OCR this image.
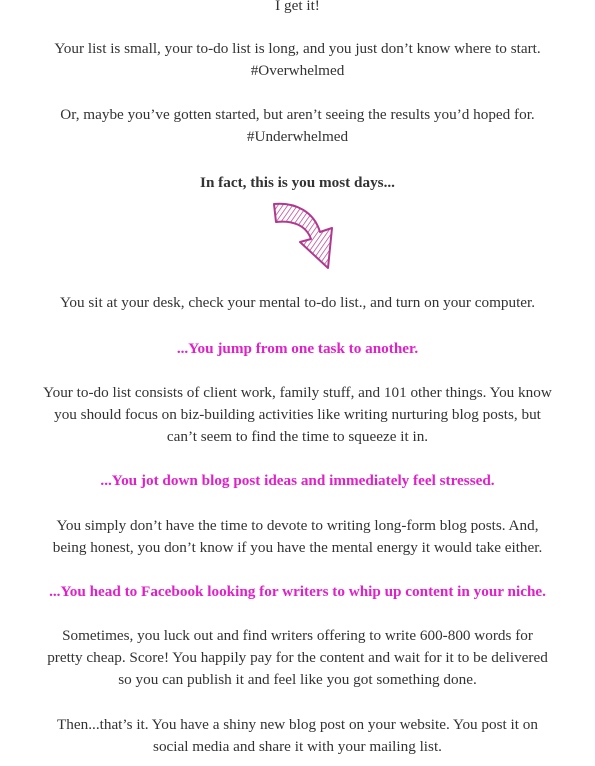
I get it!

Your list is small, your to-do list is long, and you just don’t know where to start.
#Overwhelmed
Or, maybe you’ve gotten started, but aren’t seeing the results you’d hoped for.
#Underwhelmed

In fact, this is you most days...

You sit at your desk, check your mental to-do list., and turn on your computer.

...You jump from one task to another.

Your to-do list consists of client work, family stuff, and 101 other things. You know
you should focus on biz-building activities like writing nurturing blog posts, but
can’t seem to find the time to squeeze it in.

...You jot down blog post ideas and immediately feel stressed.

You simply don’t have the time to devote to writing long-form blog posts. And,
being honest, you don’t know if you have the mental energy it would take either.

...You head to Facebook looking for writers to whip up content in your niche.

Sometimes, you luck out and find writers offering to write 600-800 words for
pretty cheap. Score! You happily pay for the content and wait for it to be delivered
so you can publish it and feel like you got something done.
Then...that’s it. You have a shiny new blog post on your website. You post it on
social media and share it with your mailing list.
